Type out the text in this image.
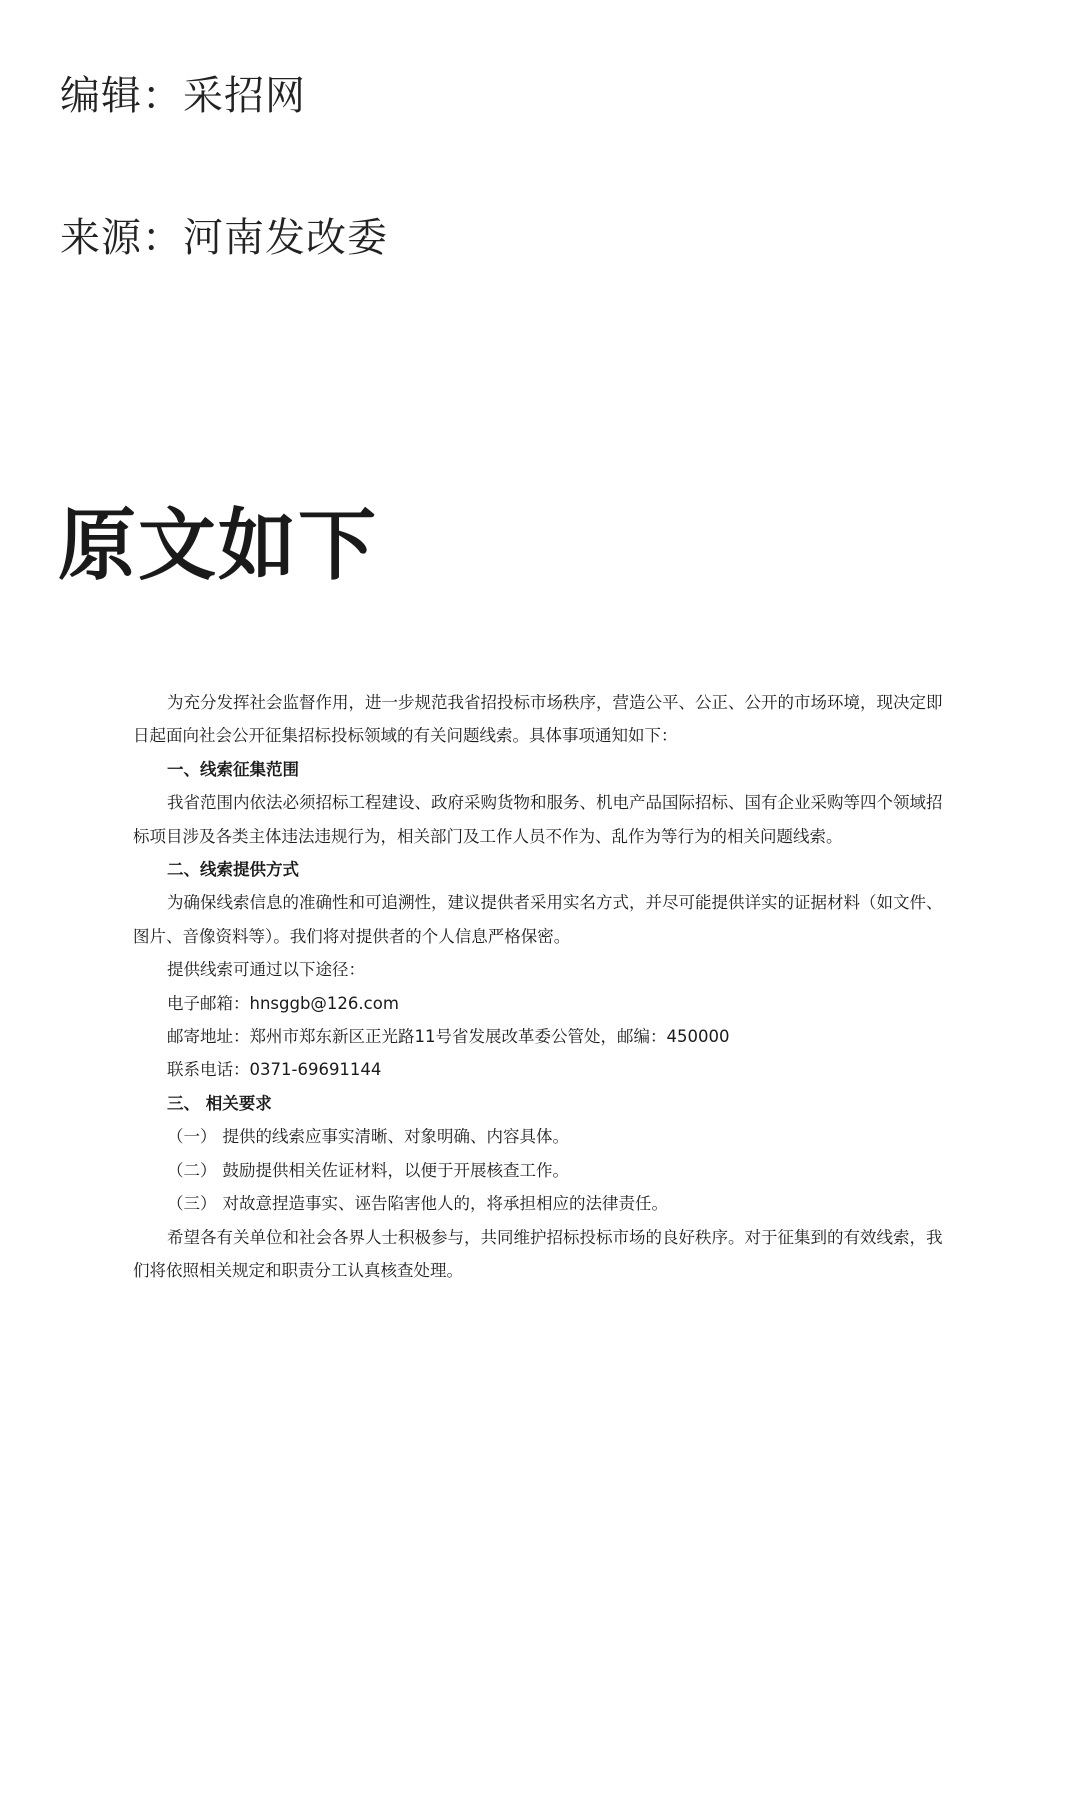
编辑：采招网
来源：河南发改委
原文如下

为充分发挥社会监督作用，进一步规范我省招投标市场秩序，营造公平、公正、公开的市场环境，现决定即日起面向社会公开征集招标投标领域的有关问题线索。具体事项通知如下：

一、线索征集范围

我省范围内依法必须招标工程建设、政府采购货物和服务、机电产品国际招标、国有企业采购等四个领域招标项目涉及各类主体违法违规行为，相关部门及工作人员不作为、乱作为等行为的相关问题线索。

二、线索提供方式

为确保线索信息的准确性和可追溯性，建议提供者采用实名方式，并尽可能提供详实的证据材料（如文件、图片、音像资料等）。我们将对提供者的个人信息严格保密。

提供线索可通过以下途径：

电子邮箱：hnsggb@126.com

邮寄地址：郑州市郑东新区正光路11号省发展改革委公管处，邮编：450000

联系电话：0371-69691144

三、 相关要求

（一） 提供的线索应事实清晰、对象明确、内容具体。

（二） 鼓励提供相关佐证材料，以便于开展核查工作。

（三） 对故意捏造事实、诬告陷害他人的，将承担相应的法律责任。

希望各有关单位和社会各界人士积极参与，共同维护招标投标市场的良好秩序。对于征集到的有效线索，我们将依照相关规定和职责分工认真核查处理。
